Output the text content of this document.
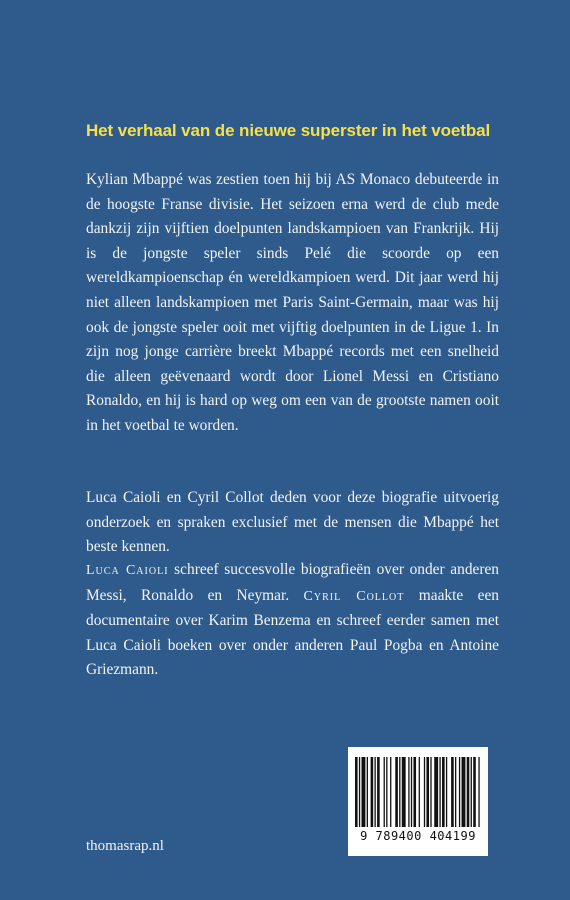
Het verhaal van de nieuwe superster in het voetbal

Kylian Mbappé was zestien toen hij bij AS Monaco debuteerde in de hoogste Franse divisie. Het seizoen erna werd de club mede dankzij zijn vijftien doelpunten landskampioen van Frankrijk. Hij is de jongste speler sinds Pelé die scoorde op een wereldkampioenschap én wereldkampioen werd. Dit jaar werd hij niet alleen landskampioen met Paris Saint-Germain, maar was hij ook de jongste speler ooit met vijftig doelpunten in de Ligue 1. In zijn nog jonge carrière breekt Mbappé records met een snelheid die alleen geëvenaard wordt door Lionel Messi en Cristiano Ronaldo, en hij is hard op weg om een van de grootste namen ooit in het voetbal te worden.

Luca Caioli en Cyril Collot deden voor deze biografie uitvoerig onderzoek en spraken exclusief met de mensen die Mbappé het beste kennen.

Luca Caioli schreef succesvolle biografieën over onder anderen Messi, Ronaldo en Neymar. Cyril Collot maakte een documentaire over Karim Benzema en schreef eerder samen met Luca Caioli boeken over onder anderen Paul Pogba en Antoine Griezmann.

thomasrap.nl
9 789400 404199
